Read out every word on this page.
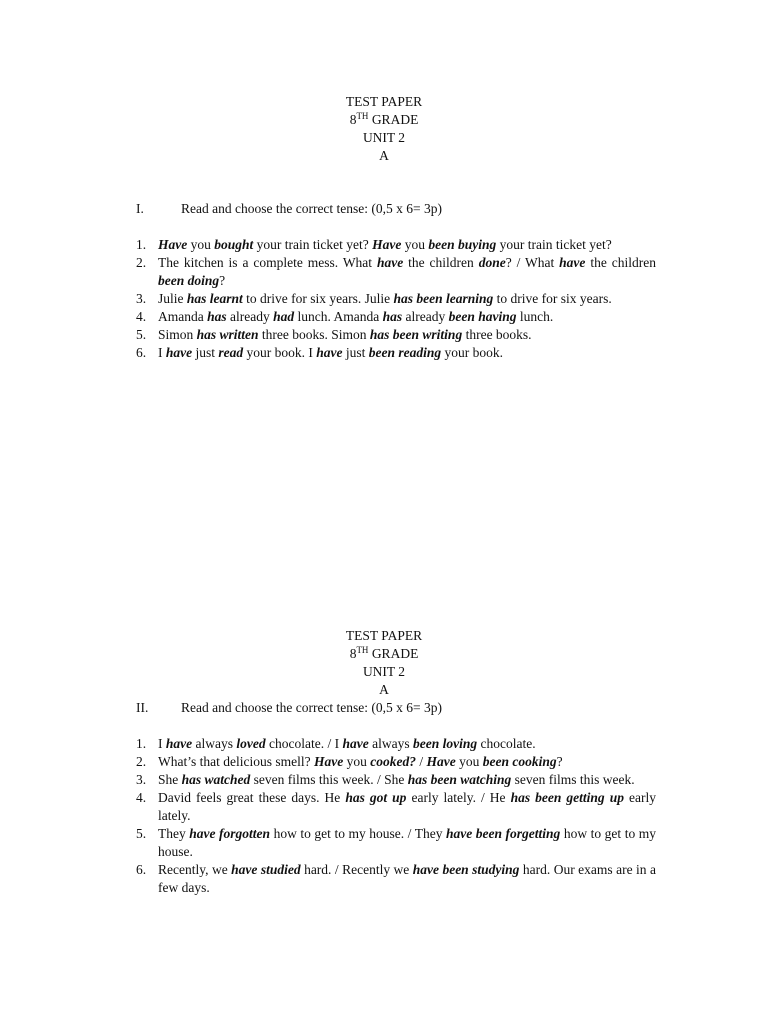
TEST PAPER
8TH GRADE
UNIT 2
A
I.	Read and choose the correct tense: (0,5 x 6= 3p)
1. Have you bought your train ticket yet? Have you been buying your train ticket yet?
2. The kitchen is a complete mess. What have the children done? / What have the children been doing?
3. Julie has learnt to drive for six years. Julie has been learning to drive for six years.
4. Amanda has already had lunch. Amanda has already been having lunch.
5. Simon has written three books. Simon has been writing three books.
6. I have just read your book. I have just been reading your book.
TEST PAPER
8TH GRADE
UNIT 2
A
II. Read and choose the correct tense: (0,5 x 6= 3p)
1. I have always loved chocolate. / I have always been loving chocolate.
2. What’s that delicious smell? Have you cooked? / Have you been cooking?
3. She has watched seven films this week. / She has been watching seven films this week.
4. David feels great these days. He has got up early lately. / He has been getting up early lately.
5. They have forgotten how to get to my house. / They have been forgetting how to get to my house.
6. Recently, we have studied hard. / Recently we have been studying hard. Our exams are in a few days.
